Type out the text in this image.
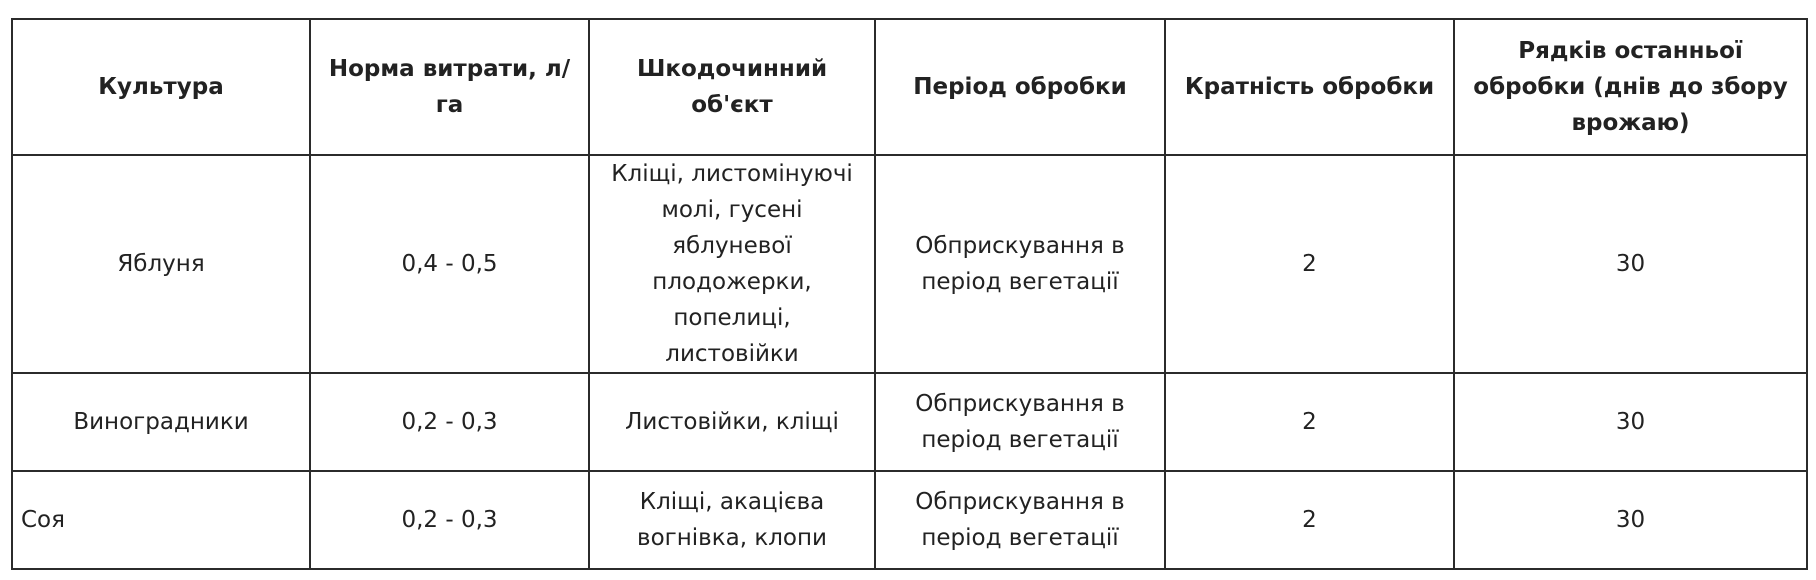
Культура	Норма витрати, л/га	Шкодочинний об'єкт	Період обробки	Кратність обробки	Рядків останньої обробки (днів до збору врожаю)
Яблуня	0,4 - 0,5	Кліщі, листомінуючі молі, гусені яблуневої плодожерки, попелиці, листовійки	Обприскування в період вегетації	2	30
Виноградники	0,2 - 0,3	Листовійки, кліщі	Обприскування в період вегетації	2	30
Соя	0,2 - 0,3	Кліщі, акацієва вогнівка, клопи	Обприскування в період вегетації	2	30
